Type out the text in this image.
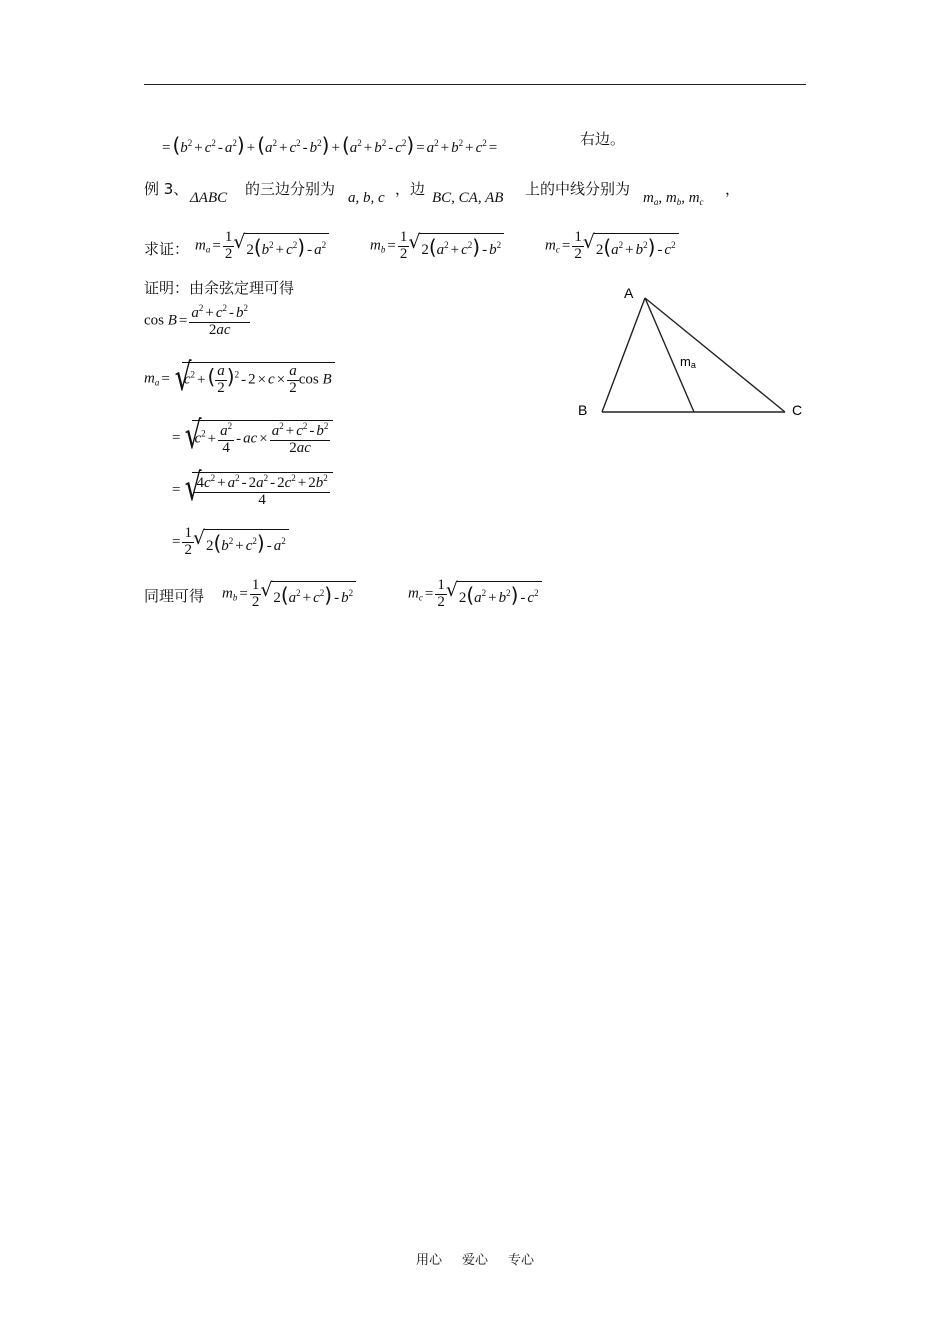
= $(b^2 + c^2 - a^2) + (a^2 + c^2 - b^2) + (a^2 + b^2 - c^2) = a^2 + b^2 + c^2$ =	右边。
例 3、 ΔABC 的三边分别为 a, b, c ，边 BC, CA, AB 上的中线分别为 $m_a$, $m_b$, $m_c$
，
求证： $m_a = \frac{1}{2}$ √ $2(b^2 + c^2) - a^2$	$m_b = \frac{1}{2}$ √ $2(a^2 + c^2) - b^2$	$m_c = \frac{1}{2}$ √ $2(a^2 + b^2) - c^2$
证明：由余弦定理可得
$\cos B = \frac{a^2 + c^2 - b^2}{2ac}$
$m_a$ = √ $c^2$ + ( $\frac{a}{2} )^2 - 2 \times c \times \frac{a}{2}$ cos B
= √ $c^2 + \frac{a^2}{4}$ - ac × $\frac{a^2 + c^2 - b^2}{2ac}$
= √ $\frac{4c^2 + a^2 - 2a^2 - 2c^2 + 2b^2}{4}$
= $\frac{1}{2}$ √ $2(b^2 + c^2) - a^2$
同理可得 $m_b = \frac{1}{2}$ √ $2(a^2 + c^2) - b^2$	$m_c = \frac{1}{2}$ √ $2(a^2 + b^2) - c^2$
A
B	C
ma
用心 爱心 专心
